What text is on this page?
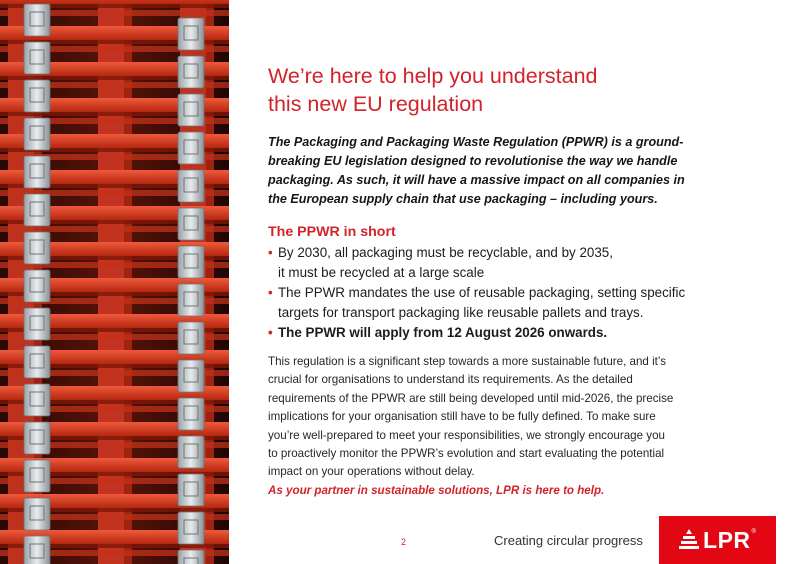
We’re here to help you understand
this new EU regulation

The Packaging and Packaging Waste Regulation (PPWR) is a ground-
breaking EU legislation designed to revolutionise the way we handle
packaging. As such, it will have a massive impact on all companies in
the European supply chain that use packaging – including yours.

The PPWR in short
• By 2030, all packaging must be recyclable, and by 2035,
it must be recycled at a large scale
• The PPWR mandates the use of reusable packaging, setting specific
targets for transport packaging like reusable pallets and trays.
• The PPWR will apply from 12 August 2026 onwards.

This regulation is a significant step towards a more sustainable future, and it’s
crucial for organisations to understand its requirements. As the detailed
requirements of the PPWR are still being developed until mid-2026, the precise
implications for your organisation still have to be fully defined. To make sure
you’re well-prepared to meet your responsibilities, we strongly encourage you
to proactively monitor the PPWR’s evolution and start evaluating the potential
impact on your operations without delay.

As your partner in sustainable solutions, LPR is here to help.

2	Creating circular progress	LPR ®
